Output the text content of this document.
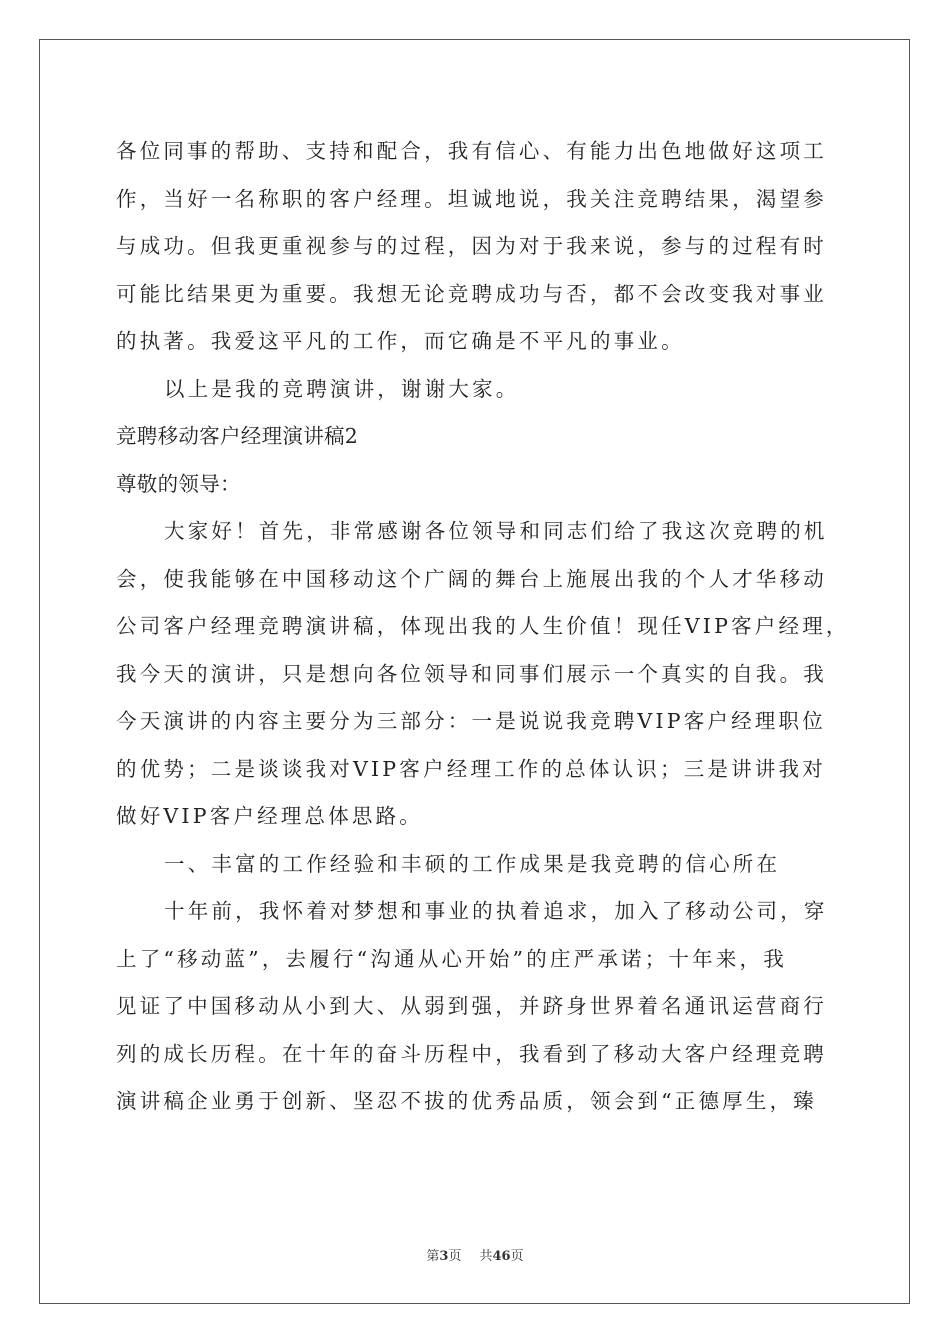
各位同事的帮助、支持和配合，我有信心、有能力出色地做好这项工
作，当好一名称职的客户经理。坦诚地说，我关注竞聘结果，渴望参
与成功。但我更重视参与的过程，因为对于我来说，参与的过程有时
可能比结果更为重要。我想无论竞聘成功与否，都不会改变我对事业
的执著。我爱这平凡的工作，而它确是不平凡的事业。
以上是我的竞聘演讲，谢谢大家。
竞聘移动客户经理演讲稿2
尊敬的领导：
大家好！首先，非常感谢各位领导和同志们给了我这次竞聘的机
会，使我能够在中国移动这个广阔的舞台上施展出我的个人才华移动
公司客户经理竞聘演讲稿，体现出我的人生价值！现任VIP客户经理，
我今天的演讲，只是想向各位领导和同事们展示一个真实的自我。我
今天演讲的内容主要分为三部分：一是说说我竞聘VIP客户经理职位
的优势；二是谈谈我对VIP客户经理工作的总体认识；三是讲讲我对
做好VIP客户经理总体思路。
一、丰富的工作经验和丰硕的工作成果是我竞聘的信心所在
十年前，我怀着对梦想和事业的执着追求，加入了移动公司，穿
上了“移动蓝”，去履行“沟通从心开始”的庄严承诺；十年来，我
见证了中国移动从小到大、从弱到强，并跻身世界着名通讯运营商行
列的成长历程。在十年的奋斗历程中，我看到了移动大客户经理竞聘
演讲稿企业勇于创新、坚忍不拔的优秀品质，领会到“正德厚生，臻
第3页 共46页
